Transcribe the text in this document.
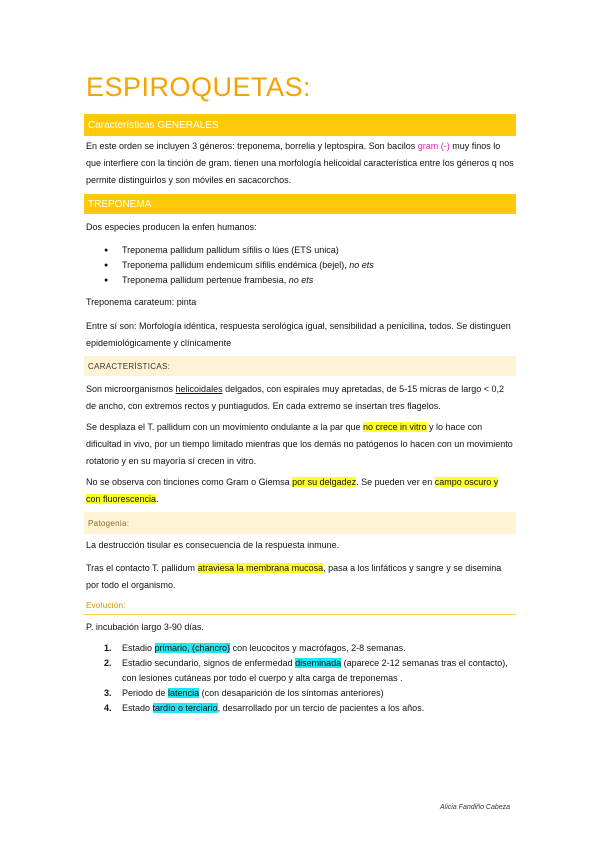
ESPIROQUETAS:
Características GENERALES
En este orden se incluyen 3 géneros: treponema, borrelia y leptospira. Son bacilos gram (-) muy finos lo que interfiere con la tinción de gram. tienen una morfología helicoidal característica entre los géneros q nos permite distinguirlos y son móviles en sacacorchos.
TREPONEMA
Dos especies producen la enfen humanos:
● Treponema pallidum pallidum sífilis o lúes (ETS unica)
● Treponema pallidum endemicum sífilis endémica (bejel), no ets
● Treponema pallidum pertenue frambesia, no ets
Treponema carateum: pinta
Entre sí son: Morfología idéntica, respuesta serológica igual, sensibilidad a penicilina, todos. Se distinguen epidemiológicamente y clínicamente
CARACTERÍSTICAS:
Son microorganismos helicoidales delgados, con espirales muy apretadas, de 5-15 micras de largo < 0,2 de ancho, con extremos rectos y puntiagudos. En cada extremo se insertan tres flagelos.
Se desplaza el T. pallidum con un movimiento ondulante a la par que no crece in vitro y lo hace con dificultad in vivo, por un tiempo limitado mientras que los demás no patógenos lo hacen con un movimiento rotatorio y en su mayoría sí crecen in vitro.
No se observa con tinciones como Gram o Giemsa por su delgadez. Se pueden ver en campo oscuro y con fluorescencia.
Patogenia:
La destrucción tisular es consecuencia de la respuesta inmune.
Tras el contacto T. pallidum atraviesa la membrana mucosa, pasa a los linfáticos y sangre y se disemina por todo el organismo.
Evolución:
P. incubación largo 3-90 días.
1. Estadio primario, (chancro) con leucocitos y macrófagos, 2-8 semanas.
2. Estadio secundario, signos de enfermedad diseminada (aparece 2-12 semanas tras el contacto), con lesiones cutáneas por todo el cuerpo y alta carga de treponemas .
3. Periodo de latencia (con desaparición de los síntomas anteriores)
4. Estado tardío o terciario, desarrollado por un tercio de pacientes a los años.
Alicia Fandiño Cabeza
